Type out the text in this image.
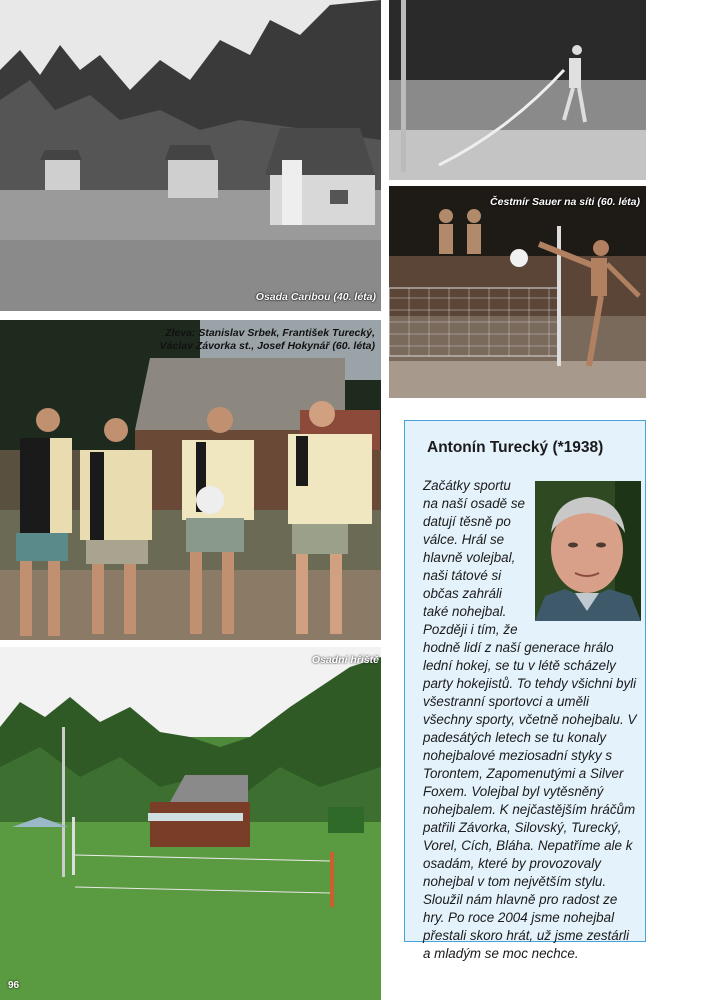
Osada Caribou (40. léta)
Čestmír Sauer na síti (60. léta)
Zleva: Stanislav Srbek, František Turecký, Václav Závorka st., Josef Hokynář (60. léta)
Osadní hřiště
96
Antonín Turecký (*1938)
Začátky sportu na naší osadě se datují těsně po válce. Hrál se hlavně volejbal, naši tátové si občas zahráli také nohejbal. Později i tím, že hodně lidí z naší generace hrálo lední hokej, se tu v létě scházely party hokejistů. To tehdy všichni byli všestranní sportovci a uměli všechny sporty, včetně nohejbalu. V padesátých letech se tu konaly nohejbalové meziosadní styky s Torontem, Zapomenutými a Silver Foxem. Volejbal byl vytěsněný nohejbalem. K nejčastějším hráčům patřili Závorka, Silovský, Turecký, Vorel, Cích, Bláha. Nepatříme ale k osadám, které by provozovaly nohejbal v tom největším stylu. Sloužil nám hlavně pro radost ze hry. Po roce 2004 jsme nohejbal přestali skoro hrát, už jsme zestárli a mladým se moc nechce.
